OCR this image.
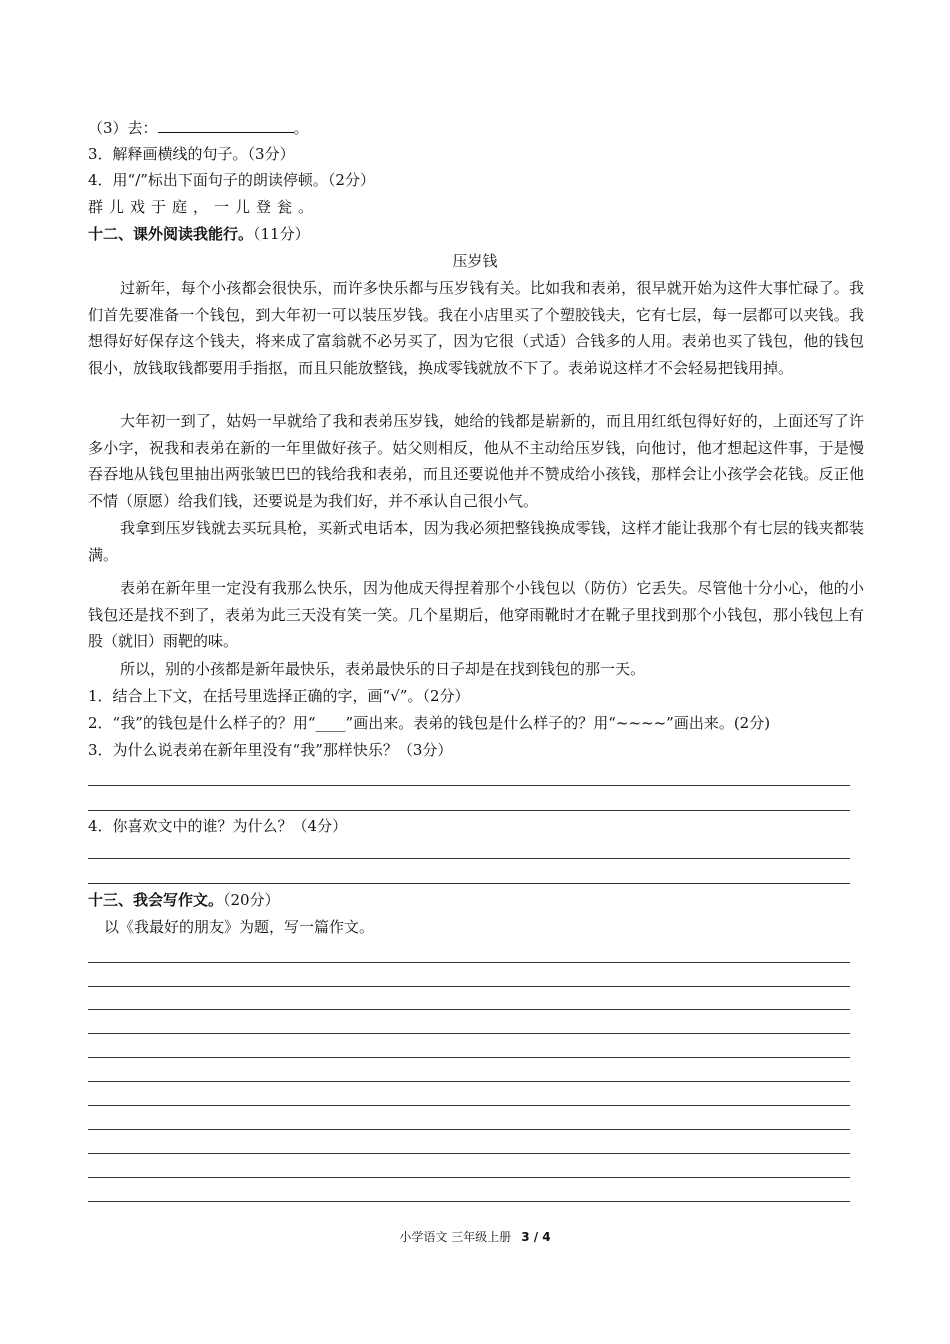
（3）去：	。
3．解释画横线的句子。（3分）
4．用“/”标出下面句子的朗读停顿。（2分）
群儿戏于庭，一儿登瓮。
十二、课外阅读我能行。（11分）
压岁钱
过新年，每个小孩都会很快乐，而许多快乐都与压岁钱有关。比如我和表弟，很早就开始为这件大事忙碌了。我们首先要准备一个钱包，到大年初一可以装压岁钱。我在小店里买了个塑胶钱夫，它有七层，每一层都可以夹钱。我想得好好保存这个钱夫，将来成了富翁就不必另买了，因为它很（式适）合钱多的人用。表弟也买了钱包，他的钱包很小，放钱取钱都要用手指抠，而且只能放整钱，换成零钱就放不下了。表弟说这样才不会轻易把钱用掉。
大年初一到了，姑妈一早就给了我和表弟压岁钱，她给的钱都是崭新的，而且用红纸包得好好的，上面还写了许多小字，祝我和表弟在新的一年里做好孩子。姑父则相反，他从不主动给压岁钱，向他讨，他才想起这件事，于是慢吞吞地从钱包里抽出两张皱巴巴的钱给我和表弟，而且还要说他并不赞成给小孩钱，那样会让小孩学会花钱。反正他不情（原愿）给我们钱，还要说是为我们好，并不承认自己很小气。
我拿到压岁钱就去买玩具枪，买新式电话本，因为我必须把整钱换成零钱，这样才能让我那个有七层的钱夹都装满。
表弟在新年里一定没有我那么快乐，因为他成天得捏着那个小钱包以（防仿）它丢失。尽管他十分小心，他的小钱包还是找不到了，表弟为此三天没有笑一笑。几个星期后，他穿雨靴时才在靴子里找到那个小钱包，那小钱包上有股（就旧）雨靶的味。
所以，别的小孩都是新年最快乐，表弟最快乐的日子却是在找到钱包的那一天。
1．结合上下文，在括号里选择正确的字，画“√”。（2分）
2．“我”的钱包是什么样子的？用“____”画出来。表弟的钱包是什么样子的？用“~~~~”画出来。(2分)
3．为什么说表弟在新年里没有“我”那样快乐？（3分）
4．你喜欢文中的谁？为什么？（4分）
十三、我会写作文。（20分）
以《我最好的朋友》为题，写一篇作文。
小学语文 三年级上册 3 / 4
